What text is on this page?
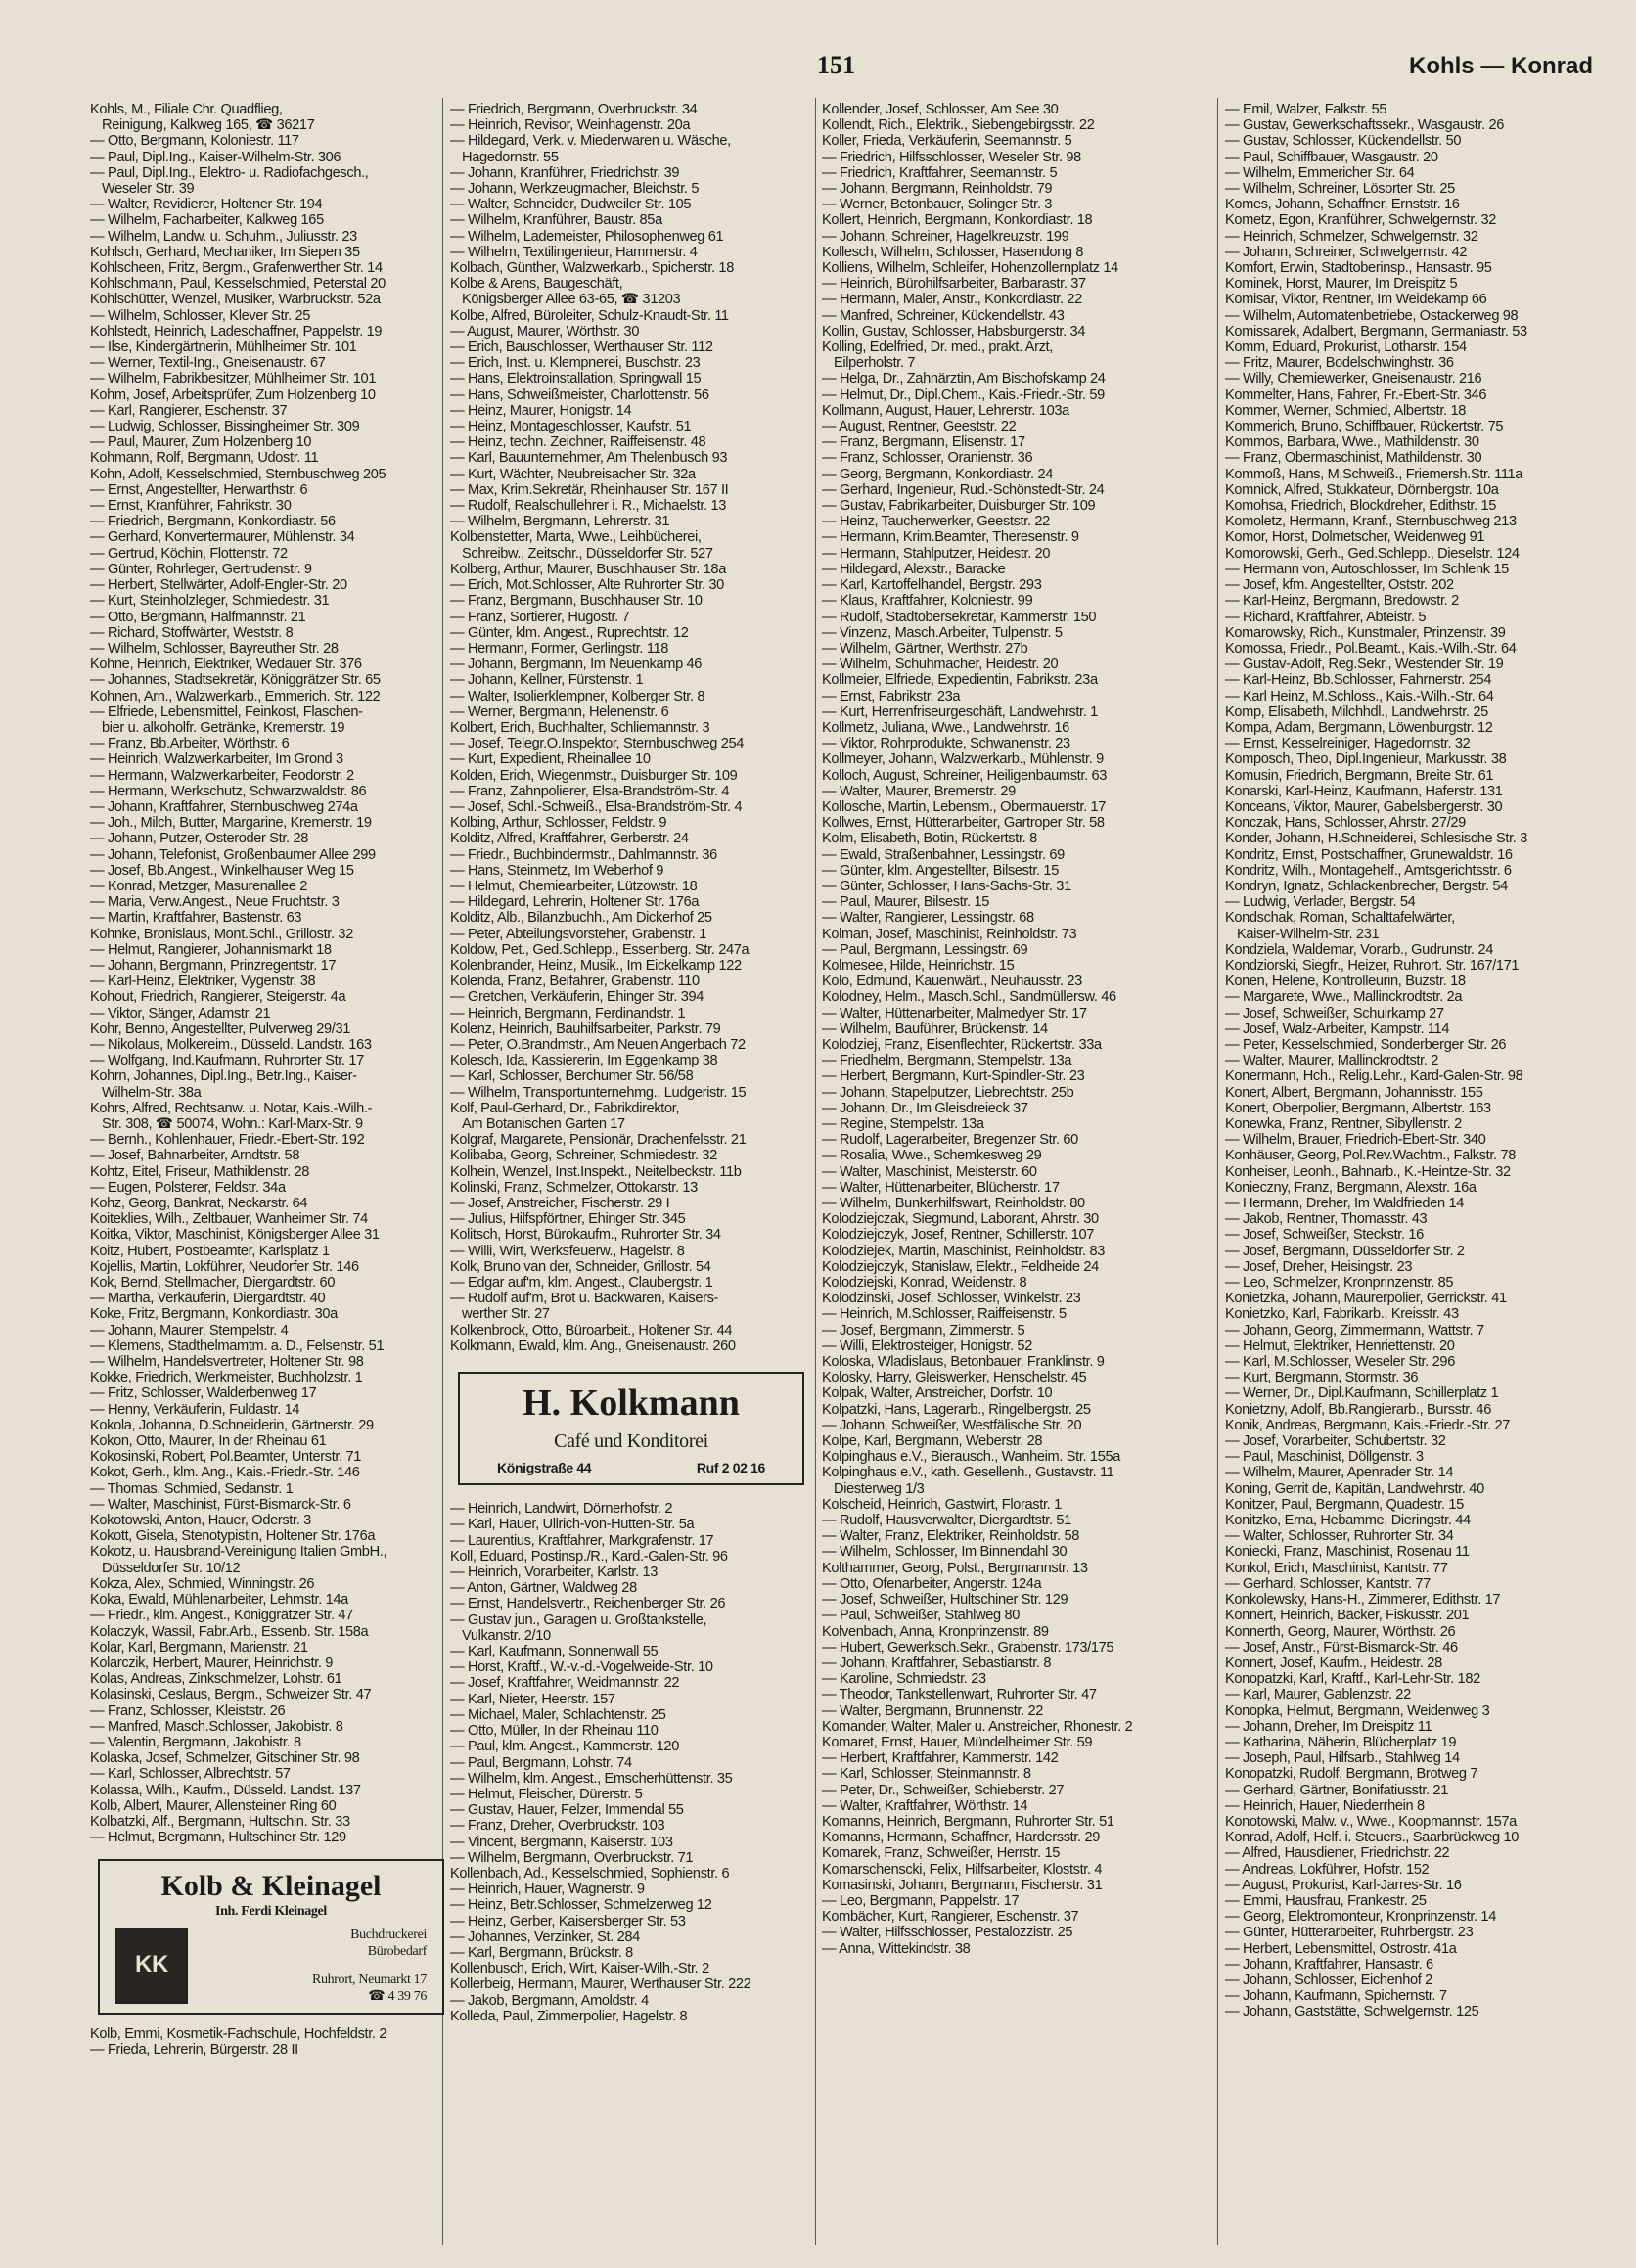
151	Kohls — Konrad
Kohls, M., Filiale Chr. Quadflieg,
Reinigung, Kalkweg 165, ☎ 36217
— Otto, Bergmann, Koloniestr. 117
— Paul, Dipl.Ing., Kaiser-Wilhelm-Str. 306
— Paul, Dipl.Ing., Elektro- u. Radiofachgesch.,
Weseler Str. 39
— Walter, Revidierer, Holtener Str. 194
— Wilhelm, Facharbeiter, Kalkweg 165
— Wilhelm, Landw. u. Schuhm., Juliusstr. 23
Kohlsch, Gerhard, Mechaniker, Im Siepen 35
Kohlscheen, Fritz, Bergm., Grafenwerther Str. 14
Kohlschmann, Paul, Kesselschmied, Peterstal 20
Kohlschütter, Wenzel, Musiker, Warbruckstr. 52a
— Wilhelm, Schlosser, Klever Str. 25
Kohlstedt, Heinrich, Ladeschaffner, Pappelstr. 19
— Ilse, Kindergärtnerin, Mühlheimer Str. 101
— Werner, Textil-Ing., Gneisenaustr. 67
— Wilhelm, Fabrikbesitzer, Mühlheimer Str. 101
Kohm, Josef, Arbeitsprüfer, Zum Holzenberg 10
— Karl, Rangierer, Eschenstr. 37
— Ludwig, Schlosser, Bissingheimer Str. 309
— Paul, Maurer, Zum Holzenberg 10
Kohmann, Rolf, Bergmann, Udostr. 11
Kohn, Adolf, Kesselschmied, Sternbuschweg 205
— Ernst, Angestellter, Herwarthstr. 6
— Ernst, Kranführer, Fahrikstr. 30
— Friedrich, Bergmann, Konkordiastr. 56
— Gerhard, Konvertermaurer, Mühlenstr. 34
— Gertrud, Köchin, Flottenstr. 72
— Günter, Rohrleger, Gertrudenstr. 9
— Herbert, Stellwärter, Adolf-Engler-Str. 20
— Kurt, Steinholzleger, Schmiedestr. 31
— Otto, Bergmann, Halfmannstr. 21
— Richard, Stoffwärter, Weststr. 8
— Wilhelm, Schlosser, Bayreuther Str. 28
Kohne, Heinrich, Elektriker, Wedauer Str. 376
— Johannes, Stadtsekretär, Königgrätzer Str. 65
Kohnen, Arn., Walzwerkarb., Emmerich. Str. 122
— Elfriede, Lebensmittel, Feinkost, Flaschen-
bier u. alkoholfr. Getränke, Kremerstr. 19
— Franz, Bb.Arbeiter, Wörthstr. 6
— Heinrich, Walzwerkarbeiter, Im Grond 3
— Hermann, Walzwerkarbeiter, Feodorstr. 2
— Hermann, Werkschutz, Schwarzwaldstr. 86
— Johann, Kraftfahrer, Sternbuschweg 274a
— Joh., Milch, Butter, Margarine, Kremerstr. 19
— Johann, Putzer, Osteroder Str. 28
— Johann, Telefonist, Großenbaumer Allee 299
— Josef, Bb.Angest., Winkelhauser Weg 15
— Konrad, Metzger, Masurenallee 2
— Maria, Verw.Angest., Neue Fruchtstr. 3
— Martin, Kraftfahrer, Bastenstr. 63
Kohnke, Bronislaus, Mont.Schl., Grillostr. 32
— Helmut, Rangierer, Johannismarkt 18
— Johann, Bergmann, Prinzregentstr. 17
— Karl-Heinz, Elektriker, Vygenstr. 38
Kohout, Friedrich, Rangierer, Steigerstr. 4a
— Viktor, Sänger, Adamstr. 21
Kohr, Benno, Angestellter, Pulverweg 29/31
— Nikolaus, Molkereim., Düsseld. Landstr. 163
— Wolfgang, Ind.Kaufmann, Ruhrorter Str. 17
Kohrn, Johannes, Dipl.Ing., Betr.Ing., Kaiser-
Wilhelm-Str. 38a
Kohrs, Alfred, Rechtsanw. u. Notar, Kais.-Wilh.-
Str. 308, ☎ 50074, Wohn.: Karl-Marx-Str. 9
— Bernh., Kohlenhauer, Friedr.-Ebert-Str. 192
— Josef, Bahnarbeiter, Arndtstr. 58
Kohtz, Eitel, Friseur, Mathildenstr. 28
— Eugen, Polsterer, Feldstr. 34a
Kohz, Georg, Bankrat, Neckarstr. 64
Koiteklies, Wilh., Zeltbauer, Wanheimer Str. 74
Koitka, Viktor, Maschinist, Königsberger Allee 31
Koitz, Hubert, Postbeamter, Karlsplatz 1
Kojellis, Martin, Lokführer, Neudorfer Str. 146
Kok, Bernd, Stellmacher, Diergardtstr. 60
— Martha, Verkäuferin, Diergardtstr. 40
Koke, Fritz, Bergmann, Konkordiastr. 30a
— Johann, Maurer, Stempelstr. 4
— Klemens, Stadthelmamtm. a. D., Felsenstr. 51
— Wilhelm, Handelsvertreter, Holtener Str. 98
Kokke, Friedrich, Werkmeister, Buchholzstr. 1
— Fritz, Schlosser, Walderbenweg 17
— Henny, Verkäuferin, Fuldastr. 14
Kokola, Johanna, D.Schneiderin, Gärtnerstr. 29
Kokon, Otto, Maurer, In der Rheinau 61
Kokosinski, Robert, Pol.Beamter, Unterstr. 71
Kokot, Gerh., klm. Ang., Kais.-Friedr.-Str. 146
— Thomas, Schmied, Sedanstr. 1
— Walter, Maschinist, Fürst-Bismarck-Str. 6
Kokotowski, Anton, Hauer, Oderstr. 3
Kokott, Gisela, Stenotypistin, Holtener Str. 176a
Kokotz, u. Hausbrand-Vereinigung Italien GmbH.,
Düsseldorfer Str. 10/12
Kokza, Alex, Schmied, Winningstr. 26
Koka, Ewald, Mühlenarbeiter, Lehmstr. 14a
— Friedr., klm. Angest., Königgrätzer Str. 47
Kolaczyk, Wassil, Fabr.Arb., Essenb. Str. 158a
Kolar, Karl, Bergmann, Marienstr. 21
Kolarczik, Herbert, Maurer, Heinrichstr. 9
Kolas, Andreas, Zinkschmelzer, Lohstr. 61
Kolasinski, Ceslaus, Bergm., Schweizer Str. 47
— Franz, Schlosser, Kleiststr. 26
— Manfred, Masch.Schlosser, Jakobistr. 8
— Valentin, Bergmann, Jakobistr. 8
Kolaska, Josef, Schmelzer, Gitschiner Str. 98
— Karl, Schlosser, Albrechtstr. 57
Kolassa, Wilh., Kaufm., Düsseld. Landst. 137
Kolb, Albert, Maurer, Allensteiner Ring 60
Kolbatzki, Alf., Bergmann, Hultschin. Str. 33
— Helmut, Bergmann, Hultschiner Str. 129
Kolb & Kleinagel
Inh. Ferdi Kleinagel
KK
Buchdruckerei
Bürobedarf
Ruhrort, Neumarkt 17
☎ 4 39 76
Kolb, Emmi, Kosmetik-Fachschule, Hochfeldstr. 2
— Frieda, Lehrerin, Bürgerstr. 28 II
— Friedrich, Bergmann, Overbruckstr. 34
— Heinrich, Revisor, Weinhagenstr. 20a
— Hildegard, Verk. v. Miederwaren u. Wäsche,
Hagedornstr. 55
— Johann, Kranführer, Friedrichstr. 39
— Johann, Werkzeugmacher, Bleichstr. 5
— Walter, Schneider, Dudweiler Str. 105
— Wilhelm, Kranführer, Baustr. 85a
— Wilhelm, Lademeister, Philosophenweg 61
— Wilhelm, Textilingenieur, Hammerstr. 4
Kolbach, Günther, Walzwerkarb., Spicherstr. 18
Kolbe & Arens, Baugeschäft,
Königsberger Allee 63-65, ☎ 31203
Kolbe, Alfred, Büroleiter, Schulz-Knaudt-Str. 11
— August, Maurer, Wörthstr. 30
— Erich, Bauschlosser, Werthauser Str. 112
— Erich, Inst. u. Klempnerei, Buschstr. 23
— Hans, Elektroinstallation, Springwall 15
— Hans, Schweißmeister, Charlottenstr. 56
— Heinz, Maurer, Honigstr. 14
— Heinz, Montageschlosser, Kaufstr. 51
— Heinz, techn. Zeichner, Raiffeisenstr. 48
— Karl, Bauunternehmer, Am Thelenbusch 93
— Kurt, Wächter, Neubreisacher Str. 32a
— Max, Krim.Sekretär, Rheinhauser Str. 167 II
— Rudolf, Realschullehrer i. R., Michaelstr. 13
— Wilhelm, Bergmann, Lehrerstr. 31
Kolbenstetter, Marta, Wwe., Leihbücherei,
Schreibw., Zeitschr., Düsseldorfer Str. 527
Kolberg, Arthur, Maurer, Buschhauser Str. 18a
— Erich, Mot.Schlosser, Alte Ruhrorter Str. 30
— Franz, Bergmann, Buschhauser Str. 10
— Franz, Sortierer, Hugostr. 7
— Günter, klm. Angest., Ruprechtstr. 12
— Hermann, Former, Gerlingstr. 118
— Johann, Bergmann, Im Neuenkamp 46
— Johann, Kellner, Fürstenstr. 1
— Walter, Isolierklempner, Kolberger Str. 8
— Werner, Bergmann, Helenenstr. 6
Kolbert, Erich, Buchhalter, Schliemannstr. 3
— Josef, Telegr.O.Inspektor, Sternbuschweg 254
— Kurt, Expedient, Rheinallee 10
Kolden, Erich, Wiegenmstr., Duisburger Str. 109
— Franz, Zahnpolierer, Elsa-Brandström-Str. 4
— Josef, Schl.-Schweiß., Elsa-Brandström-Str. 4
Kolbing, Arthur, Schlosser, Feldstr. 9
Kolditz, Alfred, Kraftfahrer, Gerberstr. 24
— Friedr., Buchbindermstr., Dahlmannstr. 36
— Hans, Steinmetz, Im Weberhof 9
— Helmut, Chemiearbeiter, Lützowstr. 18
— Hildegard, Lehrerin, Holtener Str. 176a
Kolditz, Alb., Bilanzbuchh., Am Dickerhof 25
— Peter, Abteilungsvorsteher, Grabenstr. 1
Koldow, Pet., Ged.Schlepp., Essenberg. Str. 247a
Kolenbrander, Heinz, Musik., Im Eickelkamp 122
Kolenda, Franz, Beifahrer, Grabenstr. 110
— Gretchen, Verkäuferin, Ehinger Str. 394
— Heinrich, Bergmann, Ferdinandstr. 1
Kolenz, Heinrich, Bauhilfsarbeiter, Parkstr. 79
— Peter, O.Brandmstr., Am Neuen Angerbach 72
Kolesch, Ida, Kassiererin, Im Eggenkamp 38
— Karl, Schlosser, Berchumer Str. 56/58
— Wilhelm, Transportunternehmg., Ludgeristr. 15
Kolf, Paul-Gerhard, Dr., Fabrikdirektor,
Am Botanischen Garten 17
Kolgraf, Margarete, Pensionär, Drachenfelsstr. 21
Kolibaba, Georg, Schreiner, Schmiedestr. 32
Kolhein, Wenzel, Inst.Inspekt., Neitelbeckstr. 11b
Kolinski, Franz, Schmelzer, Ottokarstr. 13
— Josef, Anstreicher, Fischerstr. 29 I
— Julius, Hilfspförtner, Ehinger Str. 345
Kolitsch, Horst, Bürokaufm., Ruhrorter Str. 34
— Willi, Wirt, Werksfeuerw., Hagelstr. 8
Kolk, Bruno van der, Schneider, Grillostr. 54
— Edgar auf'm, klm. Angest., Claubergstr. 1
— Rudolf auf'm, Brot u. Backwaren, Kaisers-
werther Str. 27
Kolkenbrock, Otto, Büroarbeit., Holtener Str. 44
Kolkmann, Ewald, klm. Ang., Gneisenaustr. 260
H. Kolkmann
Café und Konditorei
Königstraße 44	Ruf 2 02 16
— Heinrich, Landwirt, Dörnerhofstr. 2
— Karl, Hauer, Ullrich-von-Hutten-Str. 5a
— Laurentius, Kraftfahrer, Markgrafenstr. 17
Koll, Eduard, Postinsp./R., Kard.-Galen-Str. 96
— Heinrich, Vorarbeiter, Karlstr. 13
— Anton, Gärtner, Waldweg 28
— Ernst, Handelsvertr., Reichenberger Str. 26
— Gustav jun., Garagen u. Großtankstelle,
Vulkanstr. 2/10
— Karl, Kaufmann, Sonnenwall 55
— Horst, Kraftf., W.-v.-d.-Vogelweide-Str. 10
— Josef, Kraftfahrer, Weidmannstr. 22
— Karl, Nieter, Heerstr. 157
— Michael, Maler, Schlachtenstr. 25
— Otto, Müller, In der Rheinau 110
— Paul, klm. Angest., Kammerstr. 120
— Paul, Bergmann, Lohstr. 74
— Wilhelm, klm. Angest., Emscherhüttenstr. 35
— Helmut, Fleischer, Dürerstr. 5
— Gustav, Hauer, Felzer, Immendal 55
— Franz, Dreher, Overbruckstr. 103
— Vincent, Bergmann, Kaiserstr. 103
— Wilhelm, Bergmann, Overbruckstr. 71
Kollenbach, Ad., Kesselschmied, Sophienstr. 6
— Heinrich, Hauer, Wagnerstr. 9
— Heinz, Betr.Schlosser, Schmelzerweg 12
— Heinz, Gerber, Kaisersberger Str. 53
— Johannes, Verzinker, St. 284
— Karl, Bergmann, Brückstr. 8
Kollenbusch, Erich, Wirt, Kaiser-Wilh.-Str. 2
Kollerbeig, Hermann, Maurer, Werthauser Str. 222
— Jakob, Bergmann, Amoldstr. 4
Kolleda, Paul, Zimmerpolier, Hagelstr. 8
Kollender, Josef, Schlosser, Am See 30
Kollendt, Rich., Elektrik., Siebengebirgsstr. 22
Koller, Frieda, Verkäuferin, Seemannstr. 5
— Friedrich, Hilfsschlosser, Weseler Str. 98
— Friedrich, Kraftfahrer, Seemannstr. 5
— Johann, Bergmann, Reinholdstr. 79
— Werner, Betonbauer, Solinger Str. 3
Kollert, Heinrich, Bergmann, Konkordiastr. 18
— Johann, Schreiner, Hagelkreuzstr. 199
Kollesch, Wilhelm, Schlosser, Hasendong 8
Kolliens, Wilhelm, Schleifer, Hohenzollernplatz 14
— Heinrich, Bürohilfsarbeiter, Barbarastr. 37
— Hermann, Maler, Anstr., Konkordiastr. 22
— Manfred, Schreiner, Kückendellstr. 43
Kollin, Gustav, Schlosser, Habsburgerstr. 34
Kolling, Edelfried, Dr. med., prakt. Arzt,
Eilperholstr. 7
— Helga, Dr., Zahnärztin, Am Bischofskamp 24
— Helmut, Dr., Dipl.Chem., Kais.-Friedr.-Str. 59
Kollmann, August, Hauer, Lehrerstr. 103a
— August, Rentner, Geeststr. 22
— Franz, Bergmann, Elisenstr. 17
— Franz, Schlosser, Oranienstr. 36
— Georg, Bergmann, Konkordiastr. 24
— Gerhard, Ingenieur, Rud.-Schönstedt-Str. 24
— Gustav, Fabrikarbeiter, Duisburger Str. 109
— Heinz, Taucherwerker, Geeststr. 22
— Hermann, Krim.Beamter, Theresenstr. 9
— Hermann, Stahlputzer, Heidestr. 20
— Hildegard, Alexstr., Baracke
— Karl, Kartoffelhandel, Bergstr. 293
— Klaus, Kraftfahrer, Koloniestr. 99
— Rudolf, Stadtobersekretär, Kammerstr. 150
— Vinzenz, Masch.Arbeiter, Tulpenstr. 5
— Wilhelm, Gärtner, Werthstr. 27b
— Wilhelm, Schuhmacher, Heidestr. 20
Kollmeier, Elfriede, Expedientin, Fabrikstr. 23a
— Ernst, Fabrikstr. 23a
— Kurt, Herrenfriseurgeschäft, Landwehrstr. 1
Kollmetz, Juliana, Wwe., Landwehrstr. 16
— Viktor, Rohrprodukte, Schwanenstr. 23
Kollmeyer, Johann, Walzwerkarb., Mühlenstr. 9
Kolloch, August, Schreiner, Heiligenbaumstr. 63
— Walter, Maurer, Bremerstr. 29
Kollosche, Martin, Lebensm., Obermauerstr. 17
Kollwes, Ernst, Hütterarbeiter, Gartroper Str. 58
Kolm, Elisabeth, Botin, Rückertstr. 8
— Ewald, Straßenbahner, Lessingstr. 69
— Günter, klm. Angestellter, Bilsestr. 15
— Günter, Schlosser, Hans-Sachs-Str. 31
— Paul, Maurer, Bilsestr. 15
— Walter, Rangierer, Lessingstr. 68
Kolman, Josef, Maschinist, Reinholdstr. 73
— Paul, Bergmann, Lessingstr. 69
Kolmesee, Hilde, Heinrichstr. 15
Kolo, Edmund, Kauenwärt., Neuhausstr. 23
Kolodney, Helm., Masch.Schl., Sandmüllersw. 46
— Walter, Hüttenarbeiter, Malmedyer Str. 17
— Wilhelm, Bauführer, Brückenstr. 14
Kolodziej, Franz, Eisenflechter, Rückertstr. 33a
— Friedhelm, Bergmann, Stempelstr. 13a
— Herbert, Bergmann, Kurt-Spindler-Str. 23
— Johann, Stapelputzer, Liebrechtstr. 25b
— Johann, Dr., Im Gleisdreieck 37
— Regine, Stempelstr. 13a
— Rudolf, Lagerarbeiter, Bregenzer Str. 60
— Rosalia, Wwe., Schemkesweg 29
— Walter, Maschinist, Meisterstr. 60
— Walter, Hüttenarbeiter, Blücherstr. 17
— Wilhelm, Bunkerhilfswart, Reinholdstr. 80
Kolodziejczak, Siegmund, Laborant, Ahrstr. 30
Kolodziejczyk, Josef, Rentner, Schillerstr. 107
Kolodziejek, Martin, Maschinist, Reinholdstr. 83
Kolodziejczyk, Stanislaw, Elektr., Feldheide 24
Kolodziejski, Konrad, Weidenstr. 8
Kolodzinski, Josef, Schlosser, Winkelstr. 23
— Heinrich, M.Schlosser, Raiffeisenstr. 5
— Josef, Bergmann, Zimmerstr. 5
— Willi, Elektrosteiger, Honigstr. 52
Koloska, Wladislaus, Betonbauer, Franklinstr. 9
Kolosky, Harry, Gleiswerker, Henschelstr. 45
Kolpak, Walter, Anstreicher, Dorfstr. 10
Kolpatzki, Hans, Lagerarb., Ringelbergstr. 25
— Johann, Schweißer, Westfälische Str. 20
Kolpe, Karl, Bergmann, Weberstr. 28
Kolpinghaus e.V., Bierausch., Wanheim. Str. 155a
Kolpinghaus e.V., kath. Gesellenh., Gustavstr. 11
Diesterweg 1/3
Kolscheid, Heinrich, Gastwirt, Florastr. 1
— Rudolf, Hausverwalter, Diergardtstr. 51
— Walter, Franz, Elektriker, Reinholdstr. 58
— Wilhelm, Schlosser, Im Binnendahl 30
Kolthammer, Georg, Polst., Bergmannstr. 13
— Otto, Ofenarbeiter, Angerstr. 124a
— Josef, Schweißer, Hultschiner Str. 129
— Paul, Schweißer, Stahlweg 80
Kolvenbach, Anna, Kronprinzenstr. 89
— Hubert, Gewerksch.Sekr., Grabenstr. 173/175
— Johann, Kraftfahrer, Sebastianstr. 8
— Karoline, Schmiedstr. 23
— Theodor, Tankstellenwart, Ruhrorter Str. 47
— Walter, Bergmann, Brunnenstr. 22
Komander, Walter, Maler u. Anstreicher, Rhonestr. 2
Komaret, Ernst, Hauer, Mündelheimer Str. 59
— Herbert, Kraftfahrer, Kammerstr. 142
— Karl, Schlosser, Steinmannstr. 8
— Peter, Dr., Schweißer, Schieberstr. 27
— Walter, Kraftfahrer, Wörthstr. 14
Komanns, Heinrich, Bergmann, Ruhrorter Str. 51
Komanns, Hermann, Schaffner, Hardersstr. 29
Komarek, Franz, Schweißer, Herrstr. 15
Komarschenscki, Felix, Hilfsarbeiter, Kloststr. 4
Komasinski, Johann, Bergmann, Fischerstr. 31
— Leo, Bergmann, Pappelstr. 17
Kombächer, Kurt, Rangierer, Eschenstr. 37
— Walter, Hilfsschlosser, Pestalozzistr. 25
— Anna, Wittekindstr. 38
— Emil, Walzer, Falkstr. 55
— Gustav, Gewerkschaftssekr., Wasgaustr. 26
— Gustav, Schlosser, Kückendellstr. 50
— Paul, Schiffbauer, Wasgaustr. 20
— Wilhelm, Emmericher Str. 64
— Wilhelm, Schreiner, Lösorter Str. 25
Komes, Johann, Schaffner, Ernststr. 16
Kometz, Egon, Kranführer, Schwelgernstr. 32
— Heinrich, Schmelzer, Schwelgernstr. 32
— Johann, Schreiner, Schwelgernstr. 42
Komfort, Erwin, Stadtoberinsp., Hansastr. 95
Kominek, Horst, Maurer, Im Dreispitz 5
Komisar, Viktor, Rentner, Im Weidekamp 66
— Wilhelm, Automatenbetriebe, Ostackerweg 98
Komissarek, Adalbert, Bergmann, Germaniastr. 53
Komm, Eduard, Prokurist, Lotharstr. 154
— Fritz, Maurer, Bodelschwinghstr. 36
— Willy, Chemiewerker, Gneisenaustr. 216
Kommelter, Hans, Fahrer, Fr.-Ebert-Str. 346
Kommer, Werner, Schmied, Albertstr. 18
Kommerich, Bruno, Schiffbauer, Rückertstr. 75
Kommos, Barbara, Wwe., Mathildenstr. 30
— Franz, Obermaschinist, Mathildenstr. 30
Kommoß, Hans, M.Schweiß., Friemersh.Str. 111a
Komnick, Alfred, Stukkateur, Dörnbergstr. 10a
Komohsa, Friedrich, Blockdreher, Edithstr. 15
Komoletz, Hermann, Kranf., Sternbuschweg 213
Komor, Horst, Dolmetscher, Weidenweg 91
Komorowski, Gerh., Ged.Schlepp., Dieselstr. 124
— Hermann von, Autoschlosser, Im Schlenk 15
— Josef, kfm. Angestellter, Oststr. 202
— Karl-Heinz, Bergmann, Bredowstr. 2
— Richard, Kraftfahrer, Abteistr. 5
Komarowsky, Rich., Kunstmaler, Prinzenstr. 39
Komossa, Friedr., Pol.Beamt., Kais.-Wilh.-Str. 64
— Gustav-Adolf, Reg.Sekr., Westender Str. 19
— Karl-Heinz, Bb.Schlosser, Fahrnerstr. 254
— Karl Heinz, M.Schloss., Kais.-Wilh.-Str. 64
Komp, Elisabeth, Milchhdl., Landwehrstr. 25
Kompa, Adam, Bergmann, Löwenburgstr. 12
— Ernst, Kesselreiniger, Hagedornstr. 32
Komposch, Theo, Dipl.Ingenieur, Markusstr. 38
Komusin, Friedrich, Bergmann, Breite Str. 61
Konarski, Karl-Heinz, Kaufmann, Haferstr. 131
Konceans, Viktor, Maurer, Gabelsbergerstr. 30
Konczak, Hans, Schlosser, Ahrstr. 27/29
Konder, Johann, H.Schneiderei, Schlesische Str. 3
Kondritz, Ernst, Postschaffner, Grunewaldstr. 16
Kondritz, Wilh., Montagehelf., Amtsgerichtsstr. 6
Kondryn, Ignatz, Schlackenbrecher, Bergstr. 54
— Ludwig, Verlader, Bergstr. 54
Kondschak, Roman, Schalttafelwärter,
Kaiser-Wilhelm-Str. 231
Kondziela, Waldemar, Vorarb., Gudrunstr. 24
Kondziorski, Siegfr., Heizer, Ruhrort. Str. 167/171
Konen, Helene, Kontrolleurin, Buzstr. 18
— Margarete, Wwe., Mallinckrodtstr. 2a
— Josef, Schweißer, Schuirkamp 27
— Josef, Walz-Arbeiter, Kampstr. 114
— Peter, Kesselschmied, Sonderberger Str. 26
— Walter, Maurer, Mallinckrodtstr. 2
Konermann, Hch., Relig.Lehr., Kard-Galen-Str. 98
Konert, Albert, Bergmann, Johannisstr. 155
Konert, Oberpolier, Bergmann, Albertstr. 163
Konewka, Franz, Rentner, Sibyllenstr. 2
— Wilhelm, Brauer, Friedrich-Ebert-Str. 340
Konhäuser, Georg, Pol.Rev.Wachtm., Falkstr. 78
Konheiser, Leonh., Bahnarb., K.-Heintze-Str. 32
Konieczny, Franz, Bergmann, Alexstr. 16a
— Hermann, Dreher, Im Waldfrieden 14
— Jakob, Rentner, Thomasstr. 43
— Josef, Schweißer, Steckstr. 16
— Josef, Bergmann, Düsseldorfer Str. 2
— Josef, Dreher, Heisingstr. 23
— Leo, Schmelzer, Kronprinzenstr. 85
Konietzka, Johann, Maurerpolier, Gerrickstr. 41
Konietzko, Karl, Fabrikarb., Kreisstr. 43
— Johann, Georg, Zimmermann, Wattstr. 7
— Helmut, Elektriker, Henriettenstr. 20
— Karl, M.Schlosser, Weseler Str. 296
— Kurt, Bergmann, Stormstr. 36
— Werner, Dr., Dipl.Kaufmann, Schillerplatz 1
Konietzny, Adolf, Bb.Rangierarb., Bursstr. 46
Konik, Andreas, Bergmann, Kais.-Friedr.-Str. 27
— Josef, Vorarbeiter, Schubertstr. 32
— Paul, Maschinist, Döllgenstr. 3
— Wilhelm, Maurer, Apenrader Str. 14
Koning, Gerrit de, Kapitän, Landwehrstr. 40
Konitzer, Paul, Bergmann, Quadestr. 15
Konitzko, Erna, Hebamme, Dieringstr. 44
— Walter, Schlosser, Ruhrorter Str. 34
Koniecki, Franz, Maschinist, Rosenau 11
Konkol, Erich, Maschinist, Kantstr. 77
— Gerhard, Schlosser, Kantstr. 77
Konkolewsky, Hans-H., Zimmerer, Edithstr. 17
Konnert, Heinrich, Bäcker, Fiskusstr. 201
Konnerth, Georg, Maurer, Wörthstr. 26
— Josef, Anstr., Fürst-Bismarck-Str. 46
Konnert, Josef, Kaufm., Heidestr. 28
Konopatzki, Karl, Kraftf., Karl-Lehr-Str. 182
— Karl, Maurer, Gablenzstr. 22
Konopka, Helmut, Bergmann, Weidenweg 3
— Johann, Dreher, Im Dreispitz 11
— Katharina, Näherin, Blücherplatz 19
— Joseph, Paul, Hilfsarb., Stahlweg 14
Konopatzki, Rudolf, Bergmann, Brotweg 7
— Gerhard, Gärtner, Bonifatiusstr. 21
— Heinrich, Hauer, Niederrhein 8
Konotowski, Malw. v., Wwe., Koopmannstr. 157a
Konrad, Adolf, Helf. i. Steuers., Saarbrückweg 10
— Alfred, Hausdiener, Friedrichstr. 22
— Andreas, Lokführer, Hofstr. 152
— August, Prokurist, Karl-Jarres-Str. 16
— Emmi, Hausfrau, Frankestr. 25
— Georg, Elektromonteur, Kronprinzenstr. 14
— Günter, Hütterarbeiter, Ruhrbergstr. 23
— Herbert, Lebensmittel, Ostrostr. 41a
— Johann, Kraftfahrer, Hansastr. 6
— Johann, Schlosser, Eichenhof 2
— Johann, Kaufmann, Spichernstr. 7
— Johann, Gaststätte, Schwelgernstr. 125
